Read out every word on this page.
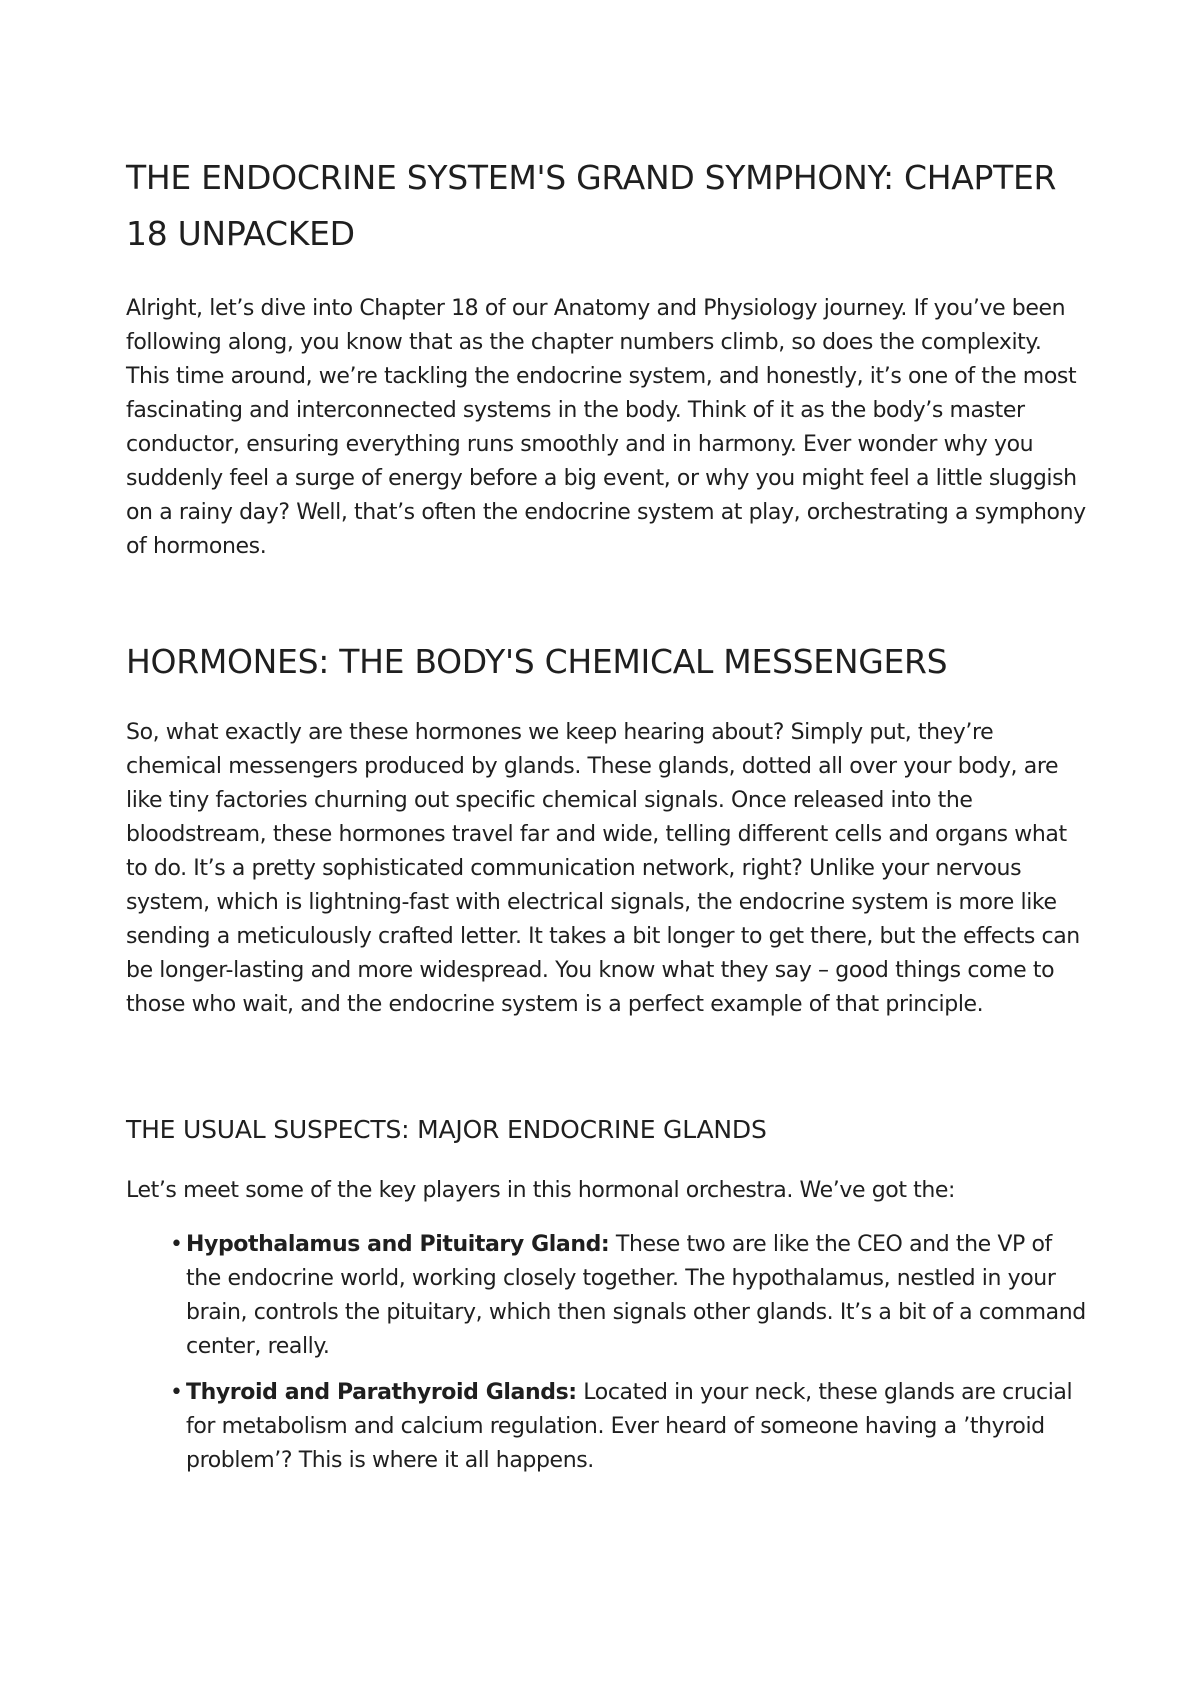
THE ENDOCRINE SYSTEM'S GRAND SYMPHONY: CHAPTER 18 UNPACKED

Alright, let’s dive into Chapter 18 of our Anatomy and Physiology journey. If you’ve been following along, you know that as the chapter numbers climb, so does the complexity. This time around, we’re tackling the endocrine system, and honestly, it’s one of the most fascinating and interconnected systems in the body. Think of it as the body’s master conductor, ensuring everything runs smoothly and in harmony. Ever wonder why you suddenly feel a surge of energy before a big event, or why you might feel a little sluggish on a rainy day? Well, that’s often the endocrine system at play, orchestrating a symphony of hormones.

HORMONES: THE BODY'S CHEMICAL MESSENGERS

So, what exactly are these hormones we keep hearing about? Simply put, they’re chemical messengers produced by glands. These glands, dotted all over your body, are like tiny factories churning out specific chemical signals. Once released into the bloodstream, these hormones travel far and wide, telling different cells and organs what to do. It’s a pretty sophisticated communication network, right? Unlike your nervous system, which is lightning-fast with electrical signals, the endocrine system is more like sending a meticulously crafted letter. It takes a bit longer to get there, but the effects can be longer-lasting and more widespread. You know what they say – good things come to those who wait, and the endocrine system is a perfect example of that principle.

THE USUAL SUSPECTS: MAJOR ENDOCRINE GLANDS

Let’s meet some of the key players in this hormonal orchestra. We’ve got the:

• Hypothalamus and Pituitary Gland: These two are like the CEO and the VP of the endocrine world, working closely together. The hypothalamus, nestled in your brain, controls the pituitary, which then signals other glands. It’s a bit of a command center, really.
• Thyroid and Parathyroid Glands: Located in your neck, these glands are crucial for metabolism and calcium regulation. Ever heard of someone having a ’thyroid problem’? This is where it all happens.
